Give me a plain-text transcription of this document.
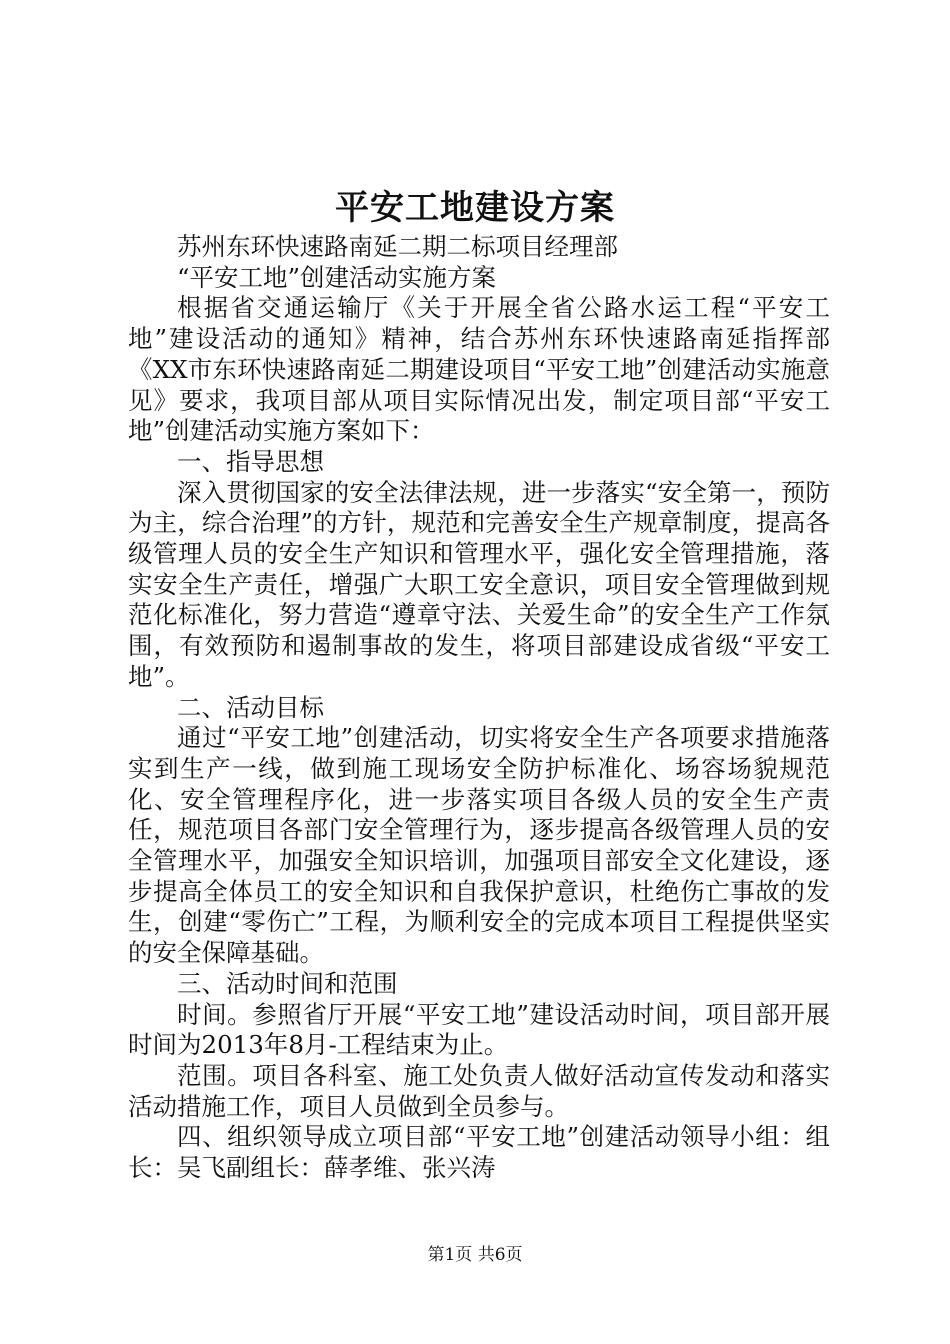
平安工地建设方案

苏州东环快速路南延二期二标项目经理部

“平安工地”创建活动实施方案

根据省交通运输厅《关于开展全省公路水运工程“平安工地”建设活动的通知》精神，结合苏州东环快速路南延指挥部《XX市东环快速路南延二期建设项目“平安工地”创建活动实施意见》要求，我项目部从项目实际情况出发，制定项目部“平安工地”创建活动实施方案如下：

一、指导思想

深入贯彻国家的安全法律法规，进一步落实“安全第一，预防为主，综合治理”的方针，规范和完善安全生产规章制度，提高各级管理人员的安全生产知识和管理水平，强化安全管理措施，落实安全生产责任，增强广大职工安全意识，项目安全管理做到规范化标准化，努力营造“遵章守法、关爱生命”的安全生产工作氛围，有效预防和遏制事故的发生，将项目部建设成省级“平安工地”。

二、活动目标

通过“平安工地”创建活动，切实将安全生产各项要求措施落实到生产一线，做到施工现场安全防护标准化、场容场貌规范化、安全管理程序化，进一步落实项目各级人员的安全生产责任，规范项目各部门安全管理行为，逐步提高各级管理人员的安全管理水平，加强安全知识培训，加强项目部安全文化建设，逐步提高全体员工的安全知识和自我保护意识，杜绝伤亡事故的发生，创建“零伤亡”工程，为顺利安全的完成本项目工程提供坚实的安全保障基础。

三、活动时间和范围

时间。参照省厅开展“平安工地”建设活动时间，项目部开展时间为2013年8月-工程结束为止。

范围。项目各科室、施工处负责人做好活动宣传发动和落实活动措施工作，项目人员做到全员参与。

四、组织领导成立项目部“平安工地”创建活动领导小组：组长：吴飞副组长：薛孝维、张兴涛

第1页 共6页
